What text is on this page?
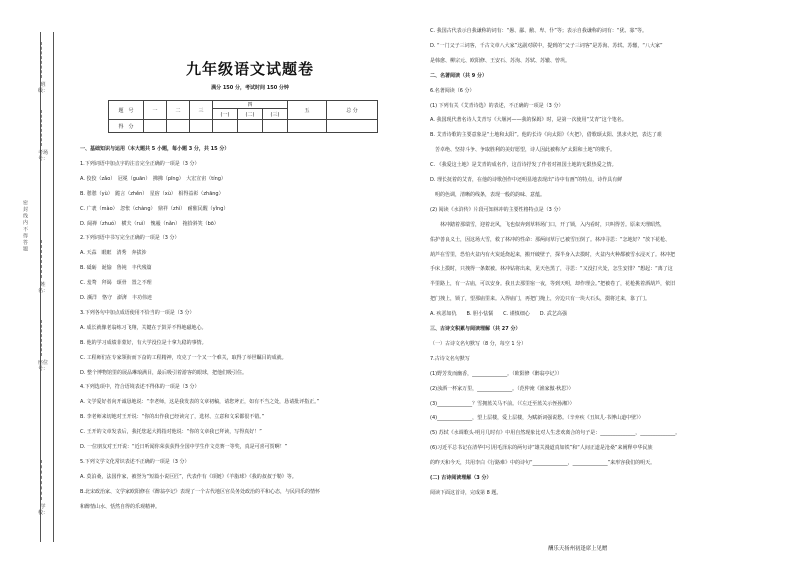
班级：
考场号：
姓名：
座位号：
学校：
密 封 线 内 不 得 答 题
九年级语文试题卷
满分 150 分，考试时间 150 分钟
题　号	一	二	三	四			五	总 分
				(一)	(二)	(三)		
得　分								
一、基础知识与运用（本大题共 5 小题，每小题 3 分，共 15 分）
1.下列词语中加点字的注音完全正确的一项是（3 分）
A. 狡狡（zǎo）　冠冕（guān）　拂拂（pīng）　大宏宣宙（tíng）
B. 憩憩（yù）　跪言（zhěn）　星宿（xù）　相得益彰（zhāng）
C. 广袤（mào）　忽怅（chàng）　鼎祥（zhì）　耐催民醒（yǐng）
D. 阔禅（zhuó）　横夫（ruì）　愧赧（nǎn）　拖拾斜笑（bō）
2.下列词语中书写完全正确的一项是（3 分）
A. 天蒜　眼眶　清秀　奔拔涉　
B. 砥砺　诞愉　鲁钝　丰代残篇
C. 羞骛　拜谒　颂骨　置之不理
D. 濒洋　恪守　澎湃　丰功伟迹
3.下列各句中加点成语使用不恰当的一项是（3 分）
A. 成长就像老翁练习飞翔，关键在于鼓弄不得地磁地心。
B. 他的学习成绩菲蒙好，有大学没位是十拿九稳的事情。
C. 工程师们在专家领衔而下奋的工程精神，攻克了一个又一个难关，取得了举世瞩目的成就。
D. 整个博物馆里的展品琳琅满目，最后吸引着游客的眼球，把他们吸引住。
4.下列选项中，符合语境表述不得体的一项是（3 分）
A. 文学爱好者向开诚恳地说：“李老师，这是我发表的文章初稿，请您斧正，如有不当之处，恳请批评指正。”
B. 李老师来切地对王开说：“你的出作我已经读完了，选材、立意和文采都很不错。”
C. 王开的文章发表后，我托您起大拇指对他说：“你的文章我已拜读，写得真好！”
D. 一位朋友对王开说：“近日听闻你荣获获得全国中学生作文竞赛一等奖，真是可喜可贺啊！”
5.下列文学文化常识表述不正确的一项是（3 分）
A. 莫泊桑，法国作家，被誉为“短篇小说巨匠”，代表作有《项链》《羊脂球》《我的叔叔于勒》等。
B.北宋政治家、文学家欧阳修在《醉翁亭记》表现了一个古代地区官员务处政治的平和心态，与民同乐的情怀
和醉情山水、恬然自得的乐观精神。
C. 我国古代表示自我谦称的词有：“愚、鄙、敝、卑、仆”等；表示自我谦称的词有：“犹、寡”等。
D. “一门父子三词客，千古文章八大家”这副对联中，提到的“父子三词客”是苏洵、苏轼、苏辙，“八大家”
是韩愈、柳宗元、欧阳修、王安石、苏洵、苏轼、苏辙、曾巩。
二、名著阅读（共 9 分）
6.名著阅读（6 分）
(1) 下列有关《艾青诗选》的表述，不正确的一项是（3 分）
A. 我国现代著名诗人艾青写《大堰河——我的保姆》时，是第一次使用“艾青”这个笔名。
B. 艾青诗歌的主要意象是“土地和太阳”。他的长诗《向太阳》《火把》，借歌颂太阳、黑求火把，表达了艰
　苦卓绝、坚持斗争、争取胜利的美好愿望，诗人因此被称为“太阳和土地”的歌手。
C. 《我爱这土地》是艾青的成名作，这首诗抒发了作者对祖国土地的无限热爱之情。
D. 理长抚着的艾青，在他的诗歌创作中还明显地表现出“诗中有画”的特点，诗作具有鲜
　明的色调，清晰的线条，表现一般的韵味、意蕴。
(2) 阅读《水浒传》片段可知林冲的主要性格特点是（3 分）
　　林冲踏着那瑞雪，迎着北风，飞也似奔到草料场门口，开了锁，入内看时，只叫得苦。原来天理昭然，
佑护善良义士，因这场大雪，救了林冲的性命：那两间草厅已被雪压倒了。林冲寻思：“怎地好？”放下花枪、
葫芦在雪里，恐怕火盆内有火炭延烧起来，搬开破壁子，探半身入去摸时，火盆内火种都被雪水浸灭了。林冲把
手床上摸时，只拽得一条絮被。林冲钻将出来，见天色黑了，寻思：“又没打火处，怎生安排？”想起：“离了这
半里路上，有一古庙，可以安身。我且去那里宿一夜，等到天明，却作理会。”把被卷了，花枪挑着酒葫芦，依旧
把门拽上，锁了，望那庙里来。入得庙门，再把门掩上，旁边只有一块大石头，掇将过来，靠了门。
A. 疾恶如仇　　B. 胆小怯懦　　C. 谨慎细心　　D. 武艺高强
三、古诗文积累与阅读理解（共 27 分）
（一）古诗文名句默写（8 分，每空 1 分）
7.古诗文名句默写
(1)野芳发而幽香，______________。（欧阳修《醉翁亭记》）
(2)浊酒一杯家万里，______________。（范仲淹《渔家傲·秋思》）
(3)______________？雪拥蓝关马不前。（《左迁至蓝关示侄孙湘》）
(4)______________，望上层楼，爱上层楼，为赋新词强说愁。（辛弃疾《丑奴儿·书博山道中壁》）
(5) 苏轼《水调歌头·明月几时有》中用自然现象比对人生悲欢离合的句子是：______________，______________。
(6)习近平总书记在清华中引用毛泽东的两句诗“雄关漫道真如铁”和“人间正道是沧桑”来阐释中华民族
的昨天和今天，共用李白《行路难》中的诗句“______________，______________”来形容我们的明天。
(二) 古诗阅读理解（3 分）
阅读下面这首诗，完成第 8 题。
酬乐天扬州初逢席上见赠
